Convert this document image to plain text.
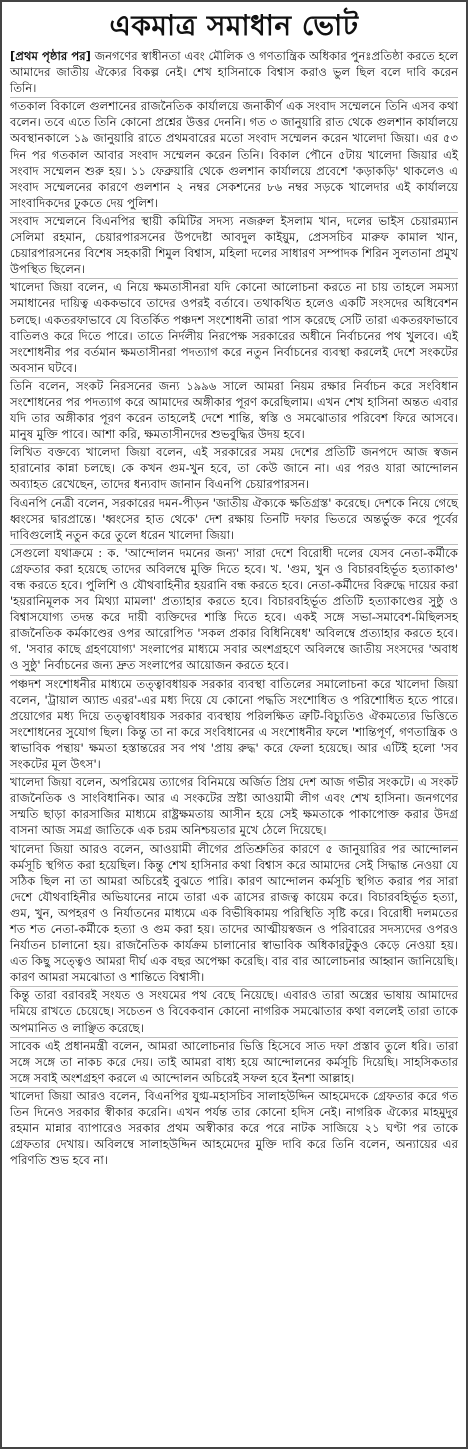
একমাত্র সমাধান ভোট

[প্রথম পৃষ্ঠার পর] জনগণের স্বাধীনতা এবং মৌলিক ও গণতান্ত্রিক অধিকার পুনঃপ্রতিষ্ঠা করতে হলে আমাদের জাতীয় ঐক্যের বিকল্প নেই। শেখ হাসিনাকে বিশ্বাস করাও ভুল ছিল বলে দাবি করেন তিনি।

গতকাল বিকালে গুলশানের রাজনৈতিক কার্যালয়ে জনাকীর্ণ এক সংবাদ সম্মেলনে তিনি এসব কথা বলেন। তবে এতে তিনি কোনো প্রশ্নের উত্তর দেননি। গত ৩ জানুয়ারি রাত থেকে গুলশান কার্যালয়ে অবস্থানকালে ১৯ জানুয়ারি রাতে প্রথমবারের মতো সংবাদ সম্মেলন করেন খালেদা জিয়া। এর ৫৩ দিন পর গতকাল আবার সংবাদ সম্মেলন করেন তিনি। বিকাল পৌনে ৫টায় খালেদা জিয়ার এই সংবাদ সম্মেলন শুরু হয়। ১১ ফেব্রুয়ারি থেকে গুলশান কার্যালয়ে প্রবেশে 'কড়াকড়ি' থাকলেও এ সংবাদ সম্মেলনের কারণে গুলশান ২ নম্বর সেকশনের ৮৬ নম্বর সড়কে খালেদার এই কার্যালয়ে সাংবাদিকদের ঢুকতে দেয় পুলিশ।

সংবাদ সম্মেলনে বিএনপির স্থায়ী কমিটির সদস্য নজরুল ইসলাম খান, দলের ভাইস চেয়ারম্যান সেলিমা রহমান, চেয়ারপারসনের উপদেষ্টা আবদুল কাইয়ুম, প্রেসসচিব মারুফ কামাল খান, চেয়ারপারসনের বিশেষ সহকারী শিমুল বিশ্বাস, মহিলা দলের সাধারণ সম্পাদক শিরিন সুলতানা প্রমুখ উপস্থিত ছিলেন।

খালেদা জিয়া বলেন, এ নিয়ে ক্ষমতাসীনরা যদি কোনো আলোচনা করতে না চায় তাহলে সমস্যা সমাধানের দায়িত্ব এককভাবে তাদের ওপরই বর্তাবে। তথাকথিত হলেও একটি সংসদের অধিবেশন চলছে। একতরফাভাবে যে বিতর্কিত পঞ্চদশ সংশোধনী তারা পাস করেছে সেটি তারা একতরফাভাবে বাতিলও করে দিতে পারে। তাতে নির্দলীয় নিরপেক্ষ সরকারের অধীনে নির্বাচনের পথ খুলবে। এই সংশোধনীর পর বর্তমান ক্ষমতাসীনরা পদত্যাগ করে নতুন নির্বাচনের ব্যবস্থা করলেই দেশে সংকটের অবসান ঘটবে।

তিনি বলেন, সংকট নিরসনের জন্য ১৯৯৬ সালে আমরা নিয়ম রক্ষার নির্বাচন করে সংবিধান সংশোধনের পর পদত্যাগ করে আমাদের অঙ্গীকার পূরণ করেছিলাম। এখন শেখ হাসিনা অন্তত এবার যদি তার অঙ্গীকার পূরণ করেন তাহলেই দেশে শান্তি, স্বস্তি ও সমঝোতার পরিবেশ ফিরে আসবে। মানুষ মুক্তি পাবে। আশা করি, ক্ষমতাসীনদের শুভবুদ্ধির উদয় হবে।

লিখিত বক্তব্যে খালেদা জিয়া বলেন, এই সরকারের সময় দেশের প্রতিটি জনপদে আজ স্বজন হারানোর কান্না চলছে। কে কখন গুম-খুন হবে, তা কেউ জানে না। এর পরও যারা আন্দোলন অব্যাহত রেখেছেন, তাদের ধন্যবাদ জানান বিএনপি চেয়ারপারসন।

বিএনপি নেত্রী বলেন, সরকারের দমন-পীড়ন 'জাতীয় ঐক্যকে ক্ষতিগ্রস্ত' করেছে। দেশকে নিয়ে গেছে ধ্বংসের দ্বারপ্রান্তে। 'ধ্বংসের হাত থেকে' দেশ রক্ষায় তিনটি দফার ভিতরে অন্তর্ভুক্ত করে পূর্বের দাবিগুলোই নতুন করে তুলে ধরেন খালেদা জিয়া।

সেগুলো যথাক্রমে : ক. 'আন্দোলন দমনের জন্য' সারা দেশে বিরোধী দলের যেসব নেতা-কর্মীকে গ্রেফতার করা হয়েছে তাদের অবিলম্বে মুক্তি দিতে হবে। খ. 'গুম, খুন ও বিচারবহির্ভূত হত্যাকাণ্ড' বন্ধ করতে হবে। পুলিশি ও যৌথবাহিনীর হয়রানি বন্ধ করতে হবে। নেতা-কর্মীদের বিরুদ্ধে দায়ের করা 'হয়রানিমূলক সব মিথ্যা মামলা' প্রত্যাহার করতে হবে। বিচারবহির্ভূত প্রতিটি হত্যাকাণ্ডের সুষ্ঠু ও বিশ্বাসযোগ্য তদন্ত করে দায়ী ব্যক্তিদের শাস্তি দিতে হবে। একই সঙ্গে সভা-সমাবেশ-মিছিলসহ রাজনৈতিক কর্মকাণ্ডের ওপর আরোপিত 'সকল প্রকার বিধিনিষেধ' অবিলম্বে প্রত্যাহার করতে হবে। গ. 'সবার কাছে গ্রহণযোগ্য' সংলাপের মাধ্যমে সবার অংশগ্রহণে অবিলম্বে জাতীয় সংসদের 'অবাধ ও সুষ্ঠু' নির্বাচনের জন্য দ্রুত সংলাপের আয়োজন করতে হবে।

পঞ্চদশ সংশোধনীর মাধ্যমে তত্ত্বাবধায়ক সরকার ব্যবস্থা বাতিলের সমালোচনা করে খালেদা জিয়া বলেন, 'ট্রায়াল অ্যান্ড এরর'-এর মধ্য দিয়ে যে কোনো পদ্ধতি সংশোধিত ও পরিশোধিত হতে পারে। প্রয়োগের মধ্য দিয়ে তত্ত্বাবধায়ক সরকার ব্যবস্থায় পরিলক্ষিত ত্রুটি-বিচ্যুতিও ঐকমত্যের ভিত্তিতে সংশোধনের সুযোগ ছিল। কিন্তু তা না করে সংবিধানের এ সংশোধনীর ফলে 'শান্তিপূর্ণ, গণতান্ত্রিক ও স্বাভাবিক পন্থায়' ক্ষমতা হস্তান্তরের সব পথ 'প্রায় রুদ্ধ' করে ফেলা হয়েছে। আর এটিই হলো 'সব সংকটের মূল উৎস'।

খালেদা জিয়া বলেন, অপরিমেয় ত্যাগের বিনিময়ে অর্জিত প্রিয় দেশ আজ গভীর সংকটে। এ সংকট রাজনৈতিক ও সাংবিধানিক। আর এ সংকটের স্রষ্টা আওয়ামী লীগ এবং শেখ হাসিনা। জনগণের সম্মতি ছাড়া কারসাজির মাধ্যমে রাষ্ট্রক্ষমতায় আসীন হয়ে সেই ক্ষমতাকে পাকাপোক্ত করার উদগ্র বাসনা আজ সমগ্র জাতিকে এক চরম অনিশ্চয়তার মুখে ঠেলে দিয়েছে।

খালেদা জিয়া আরও বলেন, আওয়ামী লীগের প্রতিশ্রুতির কারণে ৫ জানুয়ারির পর আন্দোলন কর্মসূচি স্থগিত করা হয়েছিল। কিন্তু শেখ হাসিনার কথা বিশ্বাস করে আমাদের সেই সিদ্ধান্ত নেওয়া যে সঠিক ছিল না তা আমরা অচিরেই বুঝতে পারি। কারণ আন্দোলন কর্মসূচি স্থগিত করার পর সারা দেশে যৌথবাহিনীর অভিযানের নামে তারা এক ত্রাসের রাজত্ব কায়েম করে। বিচারবহির্ভূত হত্যা, গুম, খুন, অপহরণ ও নির্যাতনের মাধ্যমে এক বিভীষিকাময় পরিস্থিতি সৃষ্টি করে। বিরোধী দলমতের শত শত নেতা-কর্মীকে হত্যা ও গুম করা হয়। তাদের আত্মীয়স্বজন ও পরিবারের সদস্যদের ওপরও নির্যাতন চালানো হয়। রাজনৈতিক কার্যক্রম চালানোর স্বাভাবিক অধিকারটুকুও কেড়ে নেওয়া হয়। এত কিছু সত্ত্বেও আমরা দীর্ঘ এক বছর অপেক্ষা করেছি। বার বার আলোচনার আহ্বান জানিয়েছি। কারণ আমরা সমঝোতা ও শান্তিতে বিশ্বাসী।

কিন্তু তারা বরাবরই সংযত ও সংযমের পথ বেছে নিয়েছে। এবারও তারা অস্ত্রের ভাষায় আমাদের দমিয়ে রাখতে চেয়েছে। সচেতন ও বিবেকবান কোনো নাগরিক সমঝোতার কথা বললেই তারা তাকে অপমানিত ও লাঞ্ছিত করেছে।

সাবেক এই প্রধানমন্ত্রী বলেন, আমরা আলোচনার ভিত্তি হিসেবে সাত দফা প্রস্তাব তুলে ধরি। তারা সঙ্গে সঙ্গে তা নাকচ করে দেয়। তাই আমরা বাধ্য হয়ে আন্দোলনের কর্মসূচি দিয়েছি। সাহসিকতার সঙ্গে সবাই অংশগ্রহণ করলে এ আন্দোলন অচিরেই সফল হবে ইনশা আল্লাহ।

খালেদা জিয়া আরও বলেন, বিএনপির যুগ্ম-মহাসচিব সালাহউদ্দিন আহমেদকে গ্রেফতার করে গত তিন দিনেও সরকার স্বীকার করেনি। এখন পর্যন্ত তার কোনো হদিস নেই। নাগরিক ঐক্যের মাহমুদুর রহমান মান্নার ব্যাপারেও সরকার প্রথম অস্বীকার করে পরে নাটক সাজিয়ে ২১ ঘণ্টা পর তাকে গ্রেফতার দেখায়। অবিলম্বে সালাহউদ্দিন আহমেদের মুক্তি দাবি করে তিনি বলেন, অন্যায়ের এর পরিণতি শুভ হবে না।
